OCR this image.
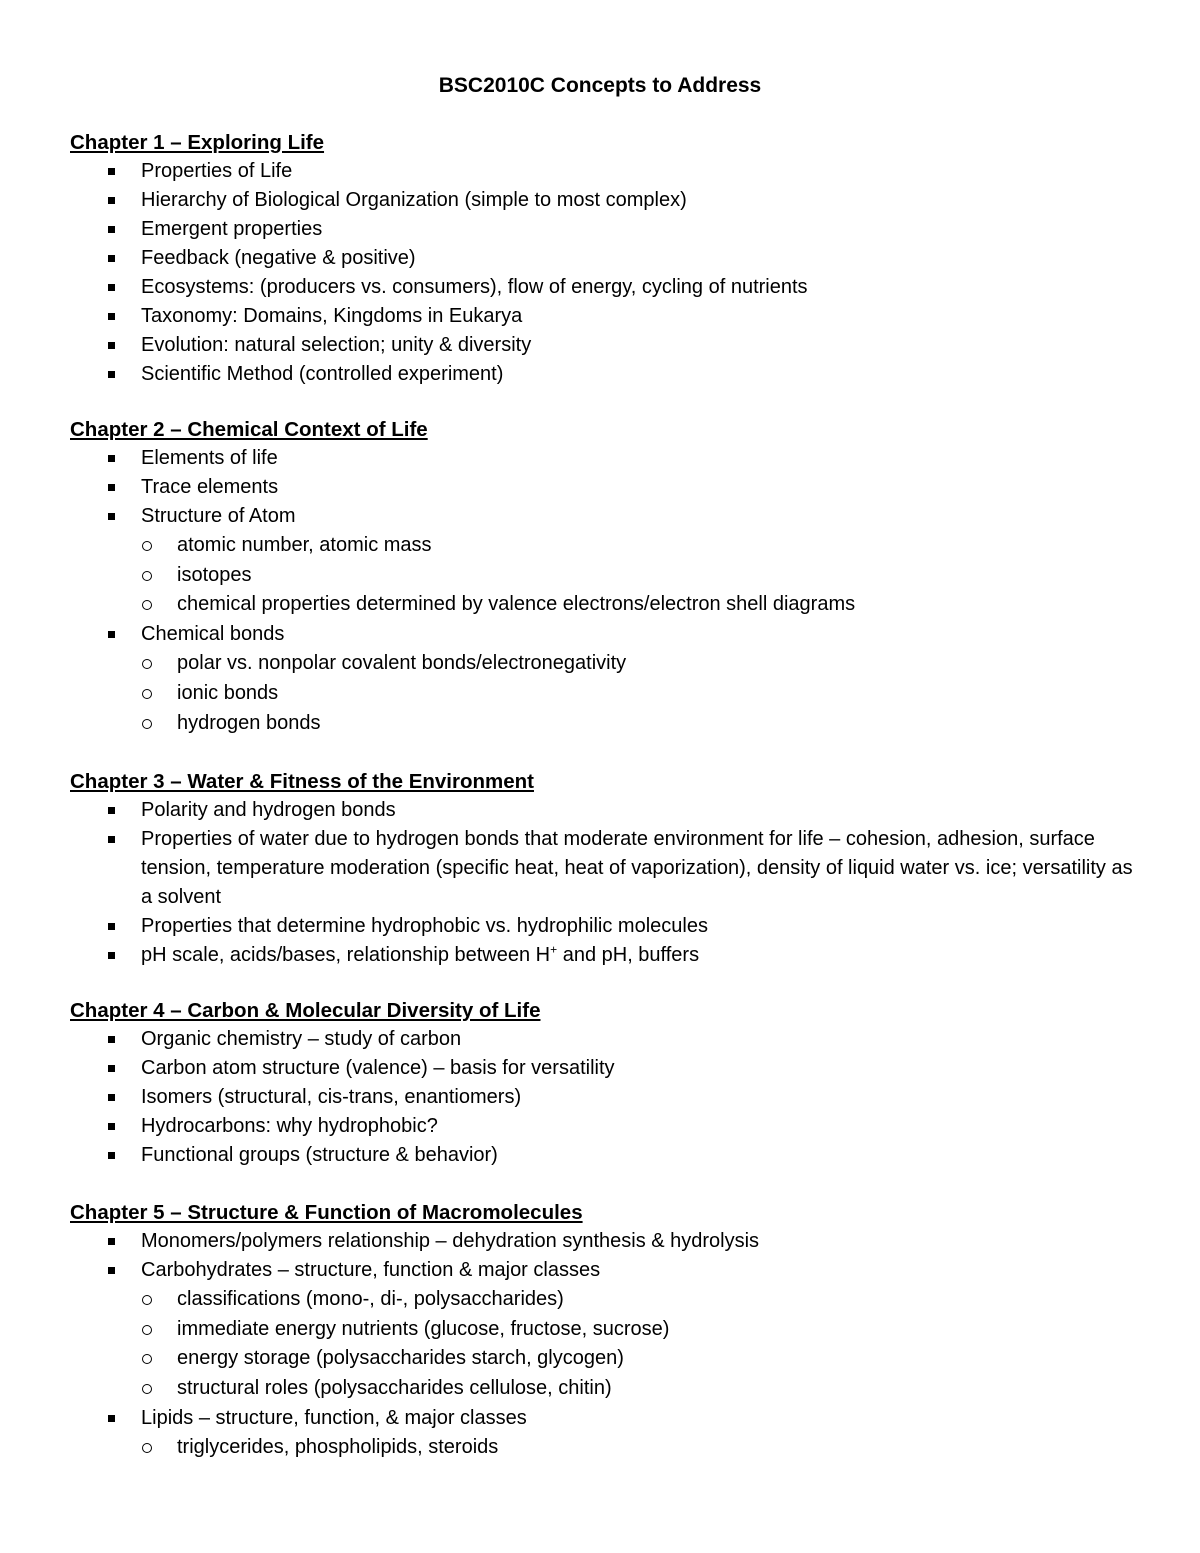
BSC2010C Concepts to Address
Chapter 1 – Exploring Life
Properties of Life
Hierarchy of Biological Organization (simple to most complex)
Emergent properties
Feedback (negative & positive)
Ecosystems: (producers vs. consumers), flow of energy, cycling of nutrients
Taxonomy: Domains, Kingdoms in Eukarya
Evolution: natural selection; unity & diversity
Scientific Method (controlled experiment)
Chapter 2 – Chemical Context of Life
Elements of life
Trace elements
Structure of Atom
atomic number, atomic mass
isotopes
chemical properties determined by valence electrons/electron shell diagrams
Chemical bonds
polar vs. nonpolar covalent bonds/electronegativity
ionic bonds
hydrogen bonds
Chapter 3 – Water & Fitness of the Environment
Polarity and hydrogen bonds
Properties of water due to hydrogen bonds that moderate environment for life – cohesion, adhesion, surface tension, temperature moderation (specific heat, heat of vaporization), density of liquid water vs. ice; versatility as a solvent
Properties that determine hydrophobic vs. hydrophilic molecules
pH scale, acids/bases, relationship between H+ and pH, buffers
Chapter 4 – Carbon & Molecular Diversity of Life
Organic chemistry – study of carbon
Carbon atom structure (valence) – basis for versatility
Isomers (structural, cis-trans, enantiomers)
Hydrocarbons: why hydrophobic?
Functional groups (structure & behavior)
Chapter 5 – Structure & Function of Macromolecules
Monomers/polymers relationship – dehydration synthesis & hydrolysis
Carbohydrates – structure, function & major classes
classifications (mono-, di-, polysaccharides)
immediate energy nutrients (glucose, fructose, sucrose)
energy storage (polysaccharides starch, glycogen)
structural roles (polysaccharides cellulose, chitin)
Lipids – structure, function, & major classes
triglycerides, phospholipids, steroids
